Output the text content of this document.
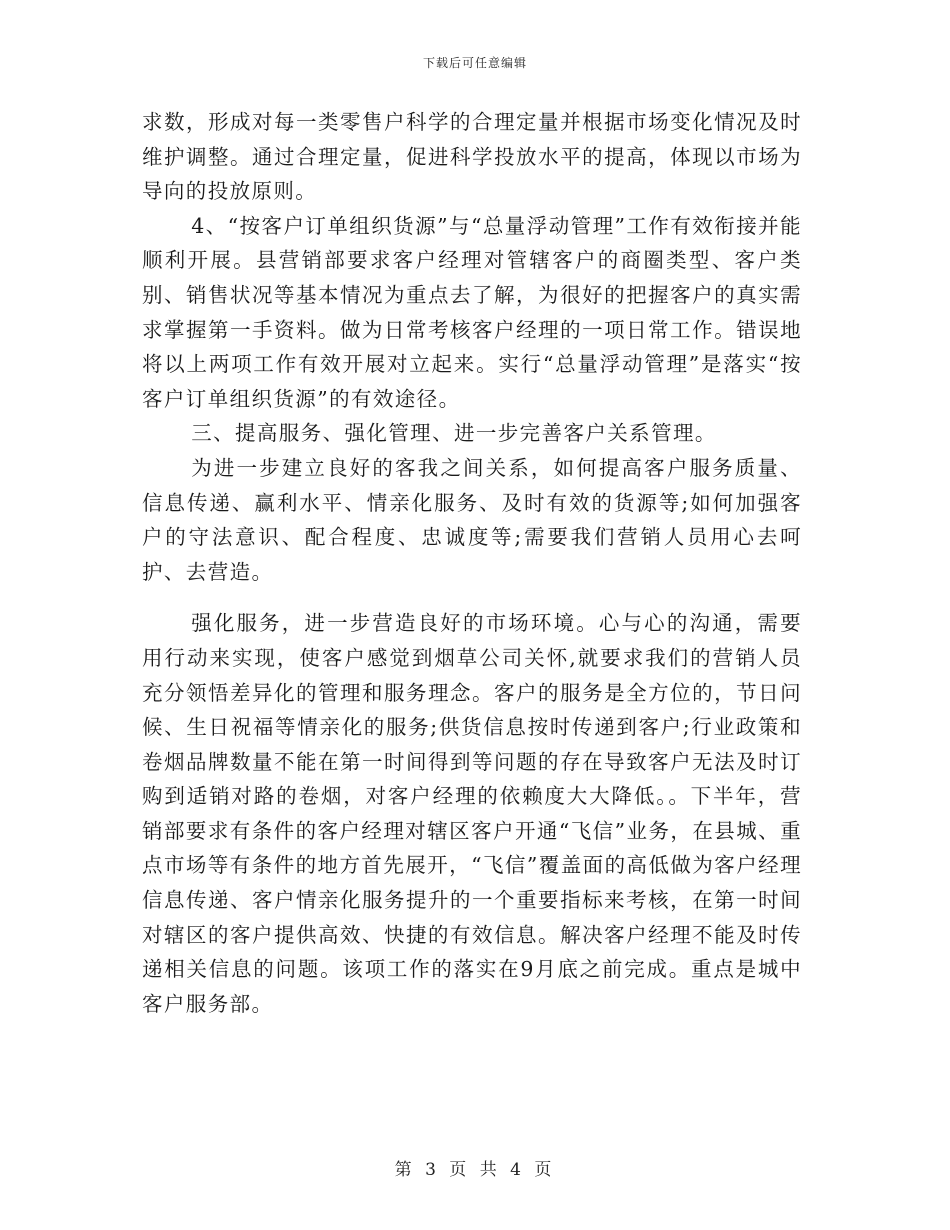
下载后可任意编辑

求数，形成对每一类零售户科学的合理定量并根据市场变化情况及时维护调整。通过合理定量，促进科学投放水平的提高，体现以市场为导向的投放原则。

4、“按客户订单组织货源”与“总量浮动管理”工作有效衔接并能顺利开展。县营销部要求客户经理对管辖客户的商圈类型、客户类别、销售状况等基本情况为重点去了解，为很好的把握客户的真实需求掌握第一手资料。做为日常考核客户经理的一项日常工作。错误地将以上两项工作有效开展对立起来。实行“总量浮动管理”是落实“按客户订单组织货源”的有效途径。

三、提高服务、强化管理、进一步完善客户关系管理。

为进一步建立良好的客我之间关系，如何提高客户服务质量、信息传递、赢利水平、情亲化服务、及时有效的货源等;如何加强客户的守法意识、配合程度、忠诚度等;需要我们营销人员用心去呵护、去营造。

强化服务，进一步营造良好的市场环境。心与心的沟通，需要用行动来实现，使客户感觉到烟草公司关怀,就要求我们的营销人员充分领悟差异化的管理和服务理念。客户的服务是全方位的，节日问候、生日祝福等情亲化的服务;供货信息按时传递到客户;行业政策和卷烟品牌数量不能在第一时间得到等问题的存在导致客户无法及时订购到适销对路的卷烟，对客户经理的依赖度大大降低。。下半年，营销部要求有条件的客户经理对辖区客户开通“飞信”业务，在县城、重点市场等有条件的地方首先展开，“飞信”覆盖面的高低做为客户经理信息传递、客户情亲化服务提升的一个重要指标来考核，在第一时间对辖区的客户提供高效、快捷的有效信息。解决客户经理不能及时传递相关信息的问题。该项工作的落实在9月底之前完成。重点是城中客户服务部。

第 3 页 共 4 页
